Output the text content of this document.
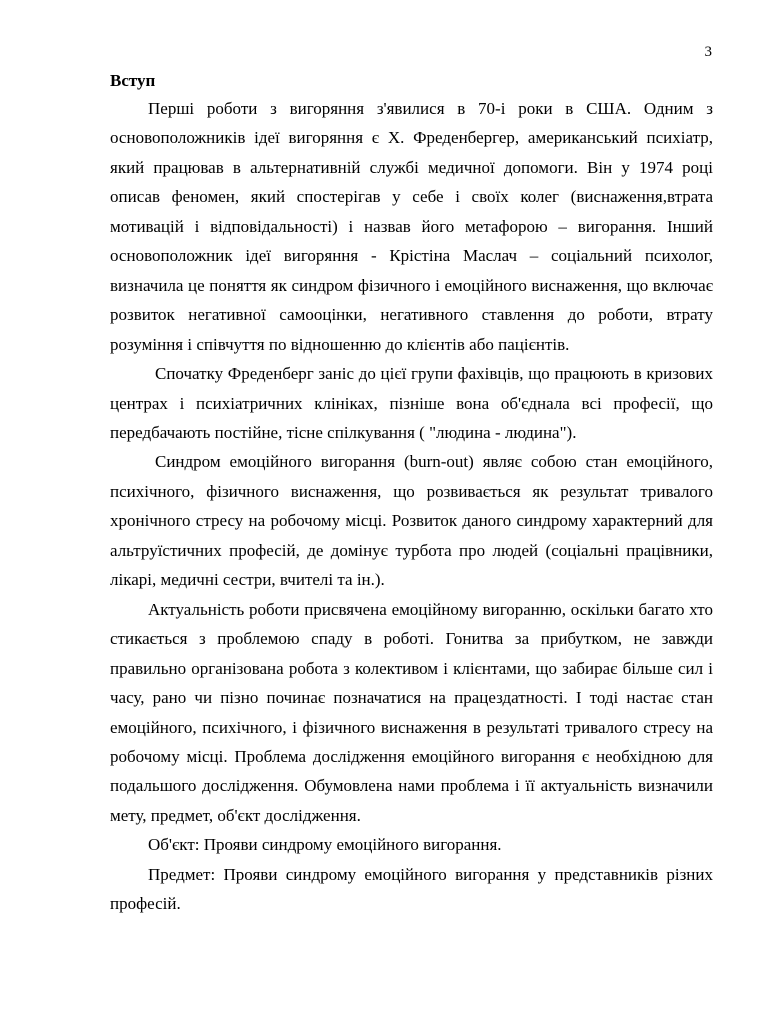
3
Вступ

Перші роботи з вигоряння з'явилися в 70-і роки в США. Одним з основоположників ідеї вигоряння є Х. Фреденбергер, американський психіатр, який працював в альтернативній службі медичної допомоги. Він у 1974 році описав феномен, який спостерігав у себе і своїх колег (виснаження,втрата мотивацій і відповідальності) і назвав його метафорою – вигорання. Інший основоположник ідеї вигоряння - Крістіна Маслач – соціальний психолог, визначила це поняття як синдром фізичного і емоційного виснаження, що включає розвиток негативної самооцінки, негативного ставлення до роботи, втрату розуміння і співчуття по відношенню до клієнтів або пацієнтів.

Спочатку Фреденберг заніс до цієї групи фахівців, що працюють в кризових центрах і психіатричних клініках, пізніше вона об'єднала всі професії, що передбачають постійне, тісне спілкування ( "людина - людина").

Синдром емоційного вигорання (burn-out) являє собою стан емоційного, психічного, фізичного виснаження, що розвивається як результат тривалого хронічного стресу на робочому місці. Розвиток даного синдрому характерний для альтруїстичних професій, де домінує турбота про людей (соціальні працівники, лікарі, медичні сестри, вчителі та ін.).

Актуальність роботи присвячена емоційному вигоранню, оскільки багато хто стикається з проблемою спаду в роботі. Гонитва за прибутком, не завжди правильно організована робота з колективом і клієнтами, що забирає більше сил і часу, рано чи пізно починає позначатися на працездатності. І тоді настає стан емоційного, психічного, і фізичного виснаження в результаті тривалого стресу на робочому місці. Проблема дослідження емоційного вигорання є необхідною для подальшого дослідження. Обумовлена нами проблема і її актуальність визначили мету, предмет, об'єкт дослідження.

Об'єкт: Прояви синдрому емоційного вигорання.

Предмет: Прояви синдрому емоційного вигорання у представників різних професій.
